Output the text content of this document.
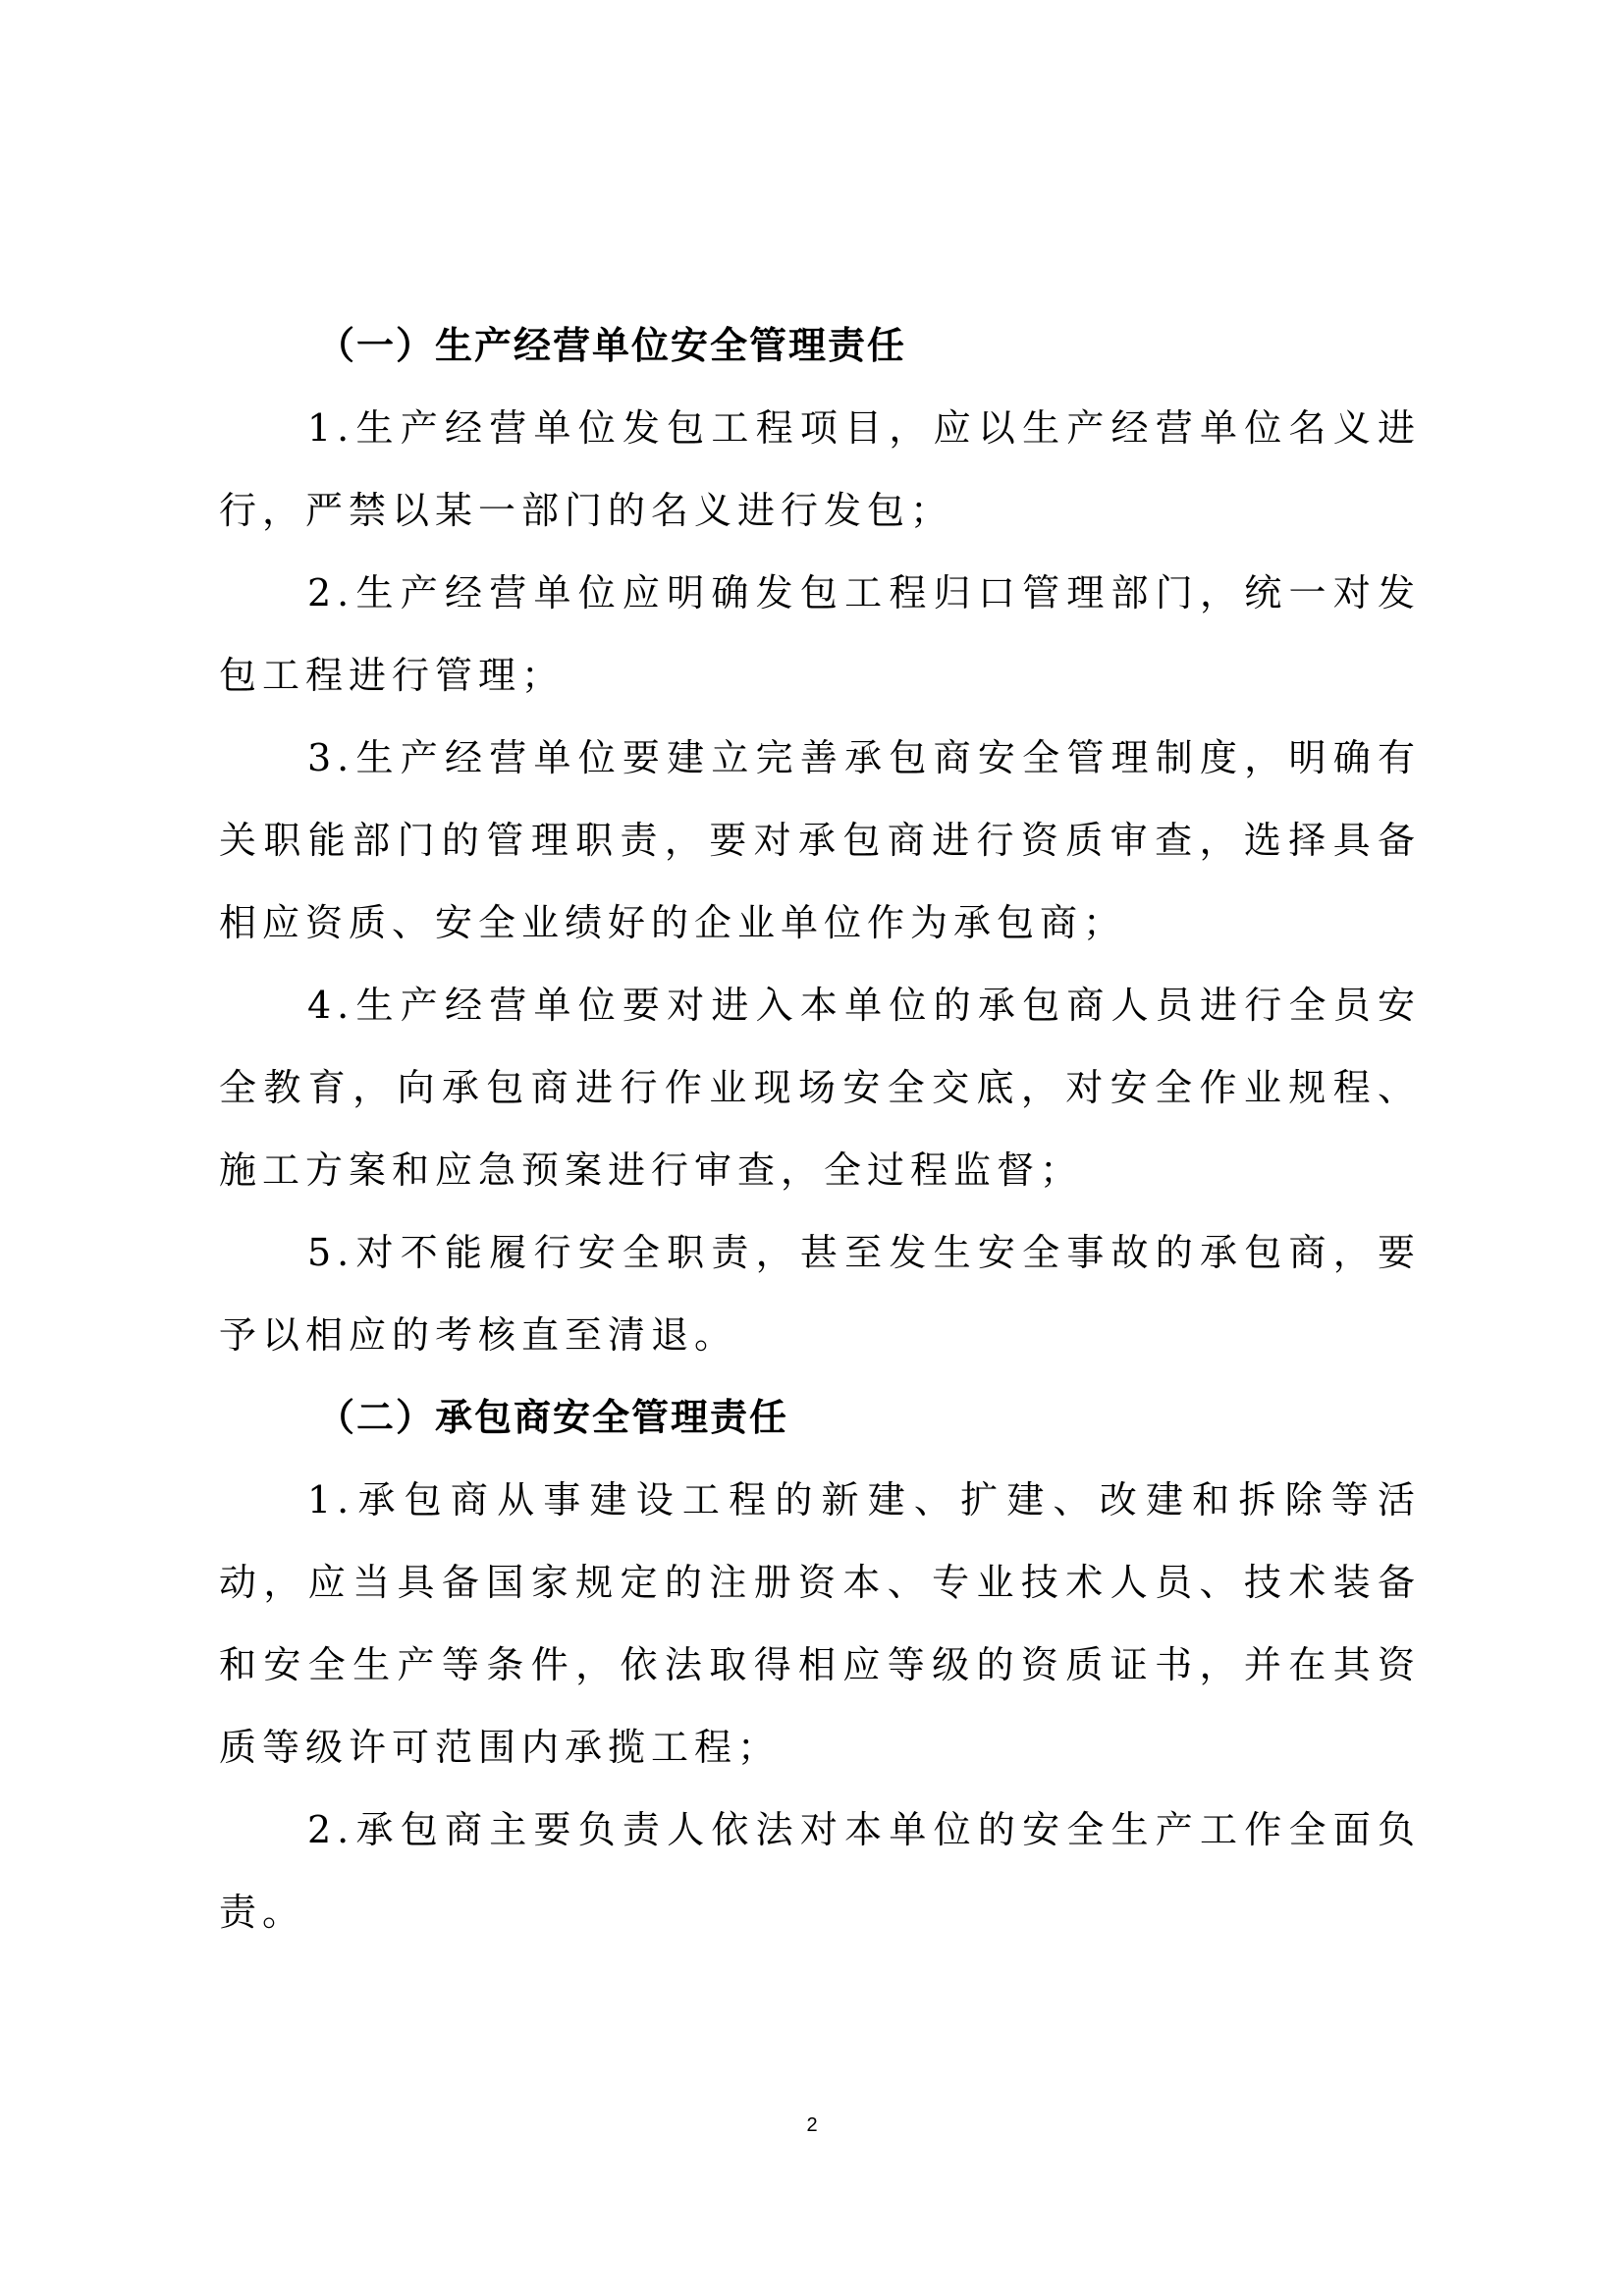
（一）生产经营单位安全管理责任

1.生产经营单位发包工程项目，应以生产经营单位名义进行，严禁以某一部门的名义进行发包；

2.生产经营单位应明确发包工程归口管理部门，统一对发包工程进行管理；

3.生产经营单位要建立完善承包商安全管理制度，明确有关职能部门的管理职责，要对承包商进行资质审查，选择具备相应资质、安全业绩好的企业单位作为承包商；

4.生产经营单位要对进入本单位的承包商人员进行全员安全教育，向承包商进行作业现场安全交底，对安全作业规程、施工方案和应急预案进行审查，全过程监督；

5.对不能履行安全职责，甚至发生安全事故的承包商，要予以相应的考核直至清退。

（二）承包商安全管理责任

1.承包商从事建设工程的新建、扩建、改建和拆除等活动，应当具备国家规定的注册资本、专业技术人员、技术装备和安全生产等条件，依法取得相应等级的资质证书，并在其资质等级许可范围内承揽工程；

2.承包商主要负责人依法对本单位的安全生产工作全面负责。

2
